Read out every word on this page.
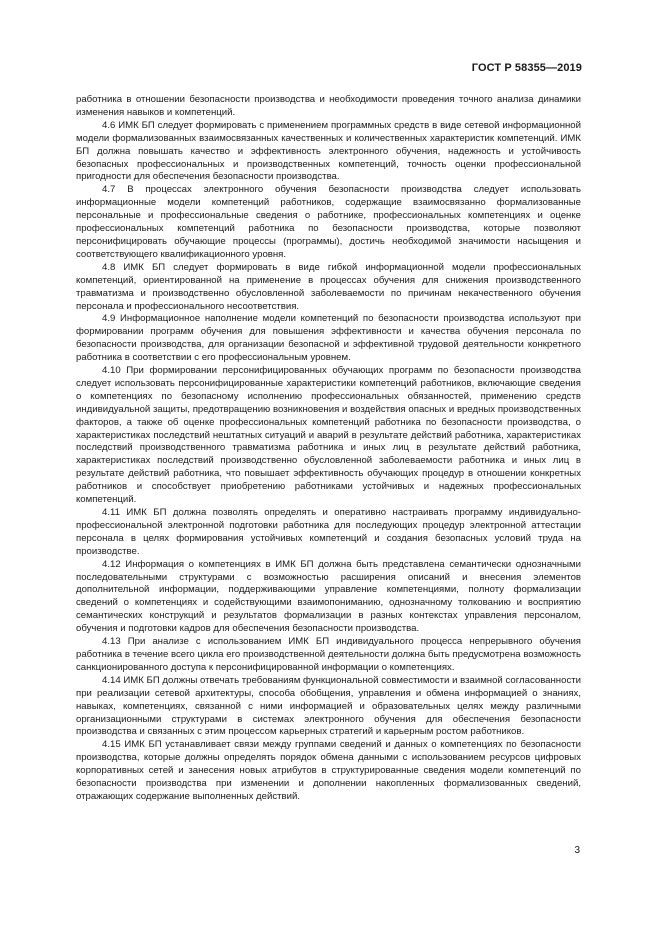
ГОСТ Р 58355—2019

работника в отношении безопасности производства и необходимости проведения точного анализа динамики изменения навыков и компетенций.

4.6 ИМК БП следует формировать с применением программных средств в виде сетевой информационной модели формализованных взаимосвязанных качественных и количественных характеристик компетенций. ИМК БП должна повышать качество и эффективность электронного обучения, надежность и устойчивость безопасных профессиональных и производственных компетенций, точность оценки профессиональной пригодности для обеспечения безопасности производства.

4.7 В процессах электронного обучения безопасности производства следует использовать информационные модели компетенций работников, содержащие взаимосвязанно формализованные персональные и профессиональные сведения о работнике, профессиональных компетенциях и оценке профессиональных компетенций работника по безопасности производства, которые позволяют персонифицировать обучающие процессы (программы), достичь необходимой значимости насыщения и соответствующего квалификационного уровня.

4.8 ИМК БП следует формировать в виде гибкой информационной модели профессиональных компетенций, ориентированной на применение в процессах обучения для снижения производственного травматизма и производственно обусловленной заболеваемости по причинам некачественного обучения персонала и профессионального несоответствия.

4.9 Информационное наполнение модели компетенций по безопасности производства используют при формировании программ обучения для повышения эффективности и качества обучения персонала по безопасности производства, для организации безопасной и эффективной трудовой деятельности конкретного работника в соответствии с его профессиональным уровнем.

4.10 При формировании персонифицированных обучающих программ по безопасности производства следует использовать персонифицированные характеристики компетенций работников, включающие сведения о компетенциях по безопасному исполнению профессиональных обязанностей, применению средств индивидуальной защиты, предотвращению возникновения и воздействия опасных и вредных производственных факторов, а также об оценке профессиональных компетенций работника по безопасности производства, о характеристиках последствий нештатных ситуаций и аварий в результате действий работника, характеристиках последствий производственного травматизма работника и иных лиц в результате действий работника, характеристиках последствий производственно обусловленной заболеваемости работника и иных лиц в результате действий работника, что повышает эффективность обучающих процедур в отношении конкретных работников и способствует приобретению работниками устойчивых и надежных профессиональных компетенций.

4.11 ИМК БП должна позволять определять и оперативно настраивать программу индивидуально-профессиональной электронной подготовки работника для последующих процедур электронной аттестации персонала в целях формирования устойчивых компетенций и создания безопасных условий труда на производстве.

4.12 Информация о компетенциях в ИМК БП должна быть представлена семантически однозначными последовательными структурами с возможностью расширения описаний и внесения элементов дополнительной информации, поддерживающими управление компетенциями, полноту формализации сведений о компетенциях и содействующими взаимопониманию, однозначному толкованию и восприятию семантических конструкций и результатов формализации в разных контекстах управления персоналом, обучения и подготовки кадров для обеспечения безопасности производства.

4.13 При анализе с использованием ИМК БП индивидуального процесса непрерывного обучения работника в течение всего цикла его производственной деятельности должна быть предусмотрена возможность санкционированного доступа к персонифицированной информации о компетенциях.

4.14 ИМК БП должны отвечать требованиям функциональной совместимости и взаимной согласованности при реализации сетевой архитектуры, способа обобщения, управления и обмена информацией о знаниях, навыках, компетенциях, связанной с ними информацией и образовательных целях между различными организационными структурами в системах электронного обучения для обеспечения безопасности производства и связанных с этим процессом карьерных стратегий и карьерным ростом работников.

4.15 ИМК БП устанавливает связи между группами сведений и данных о компетенциях по безопасности производства, которые должны определять порядок обмена данными с использованием ресурсов цифровых корпоративных сетей и занесения новых атрибутов в структурированные сведения модели компетенций по безопасности производства при изменении и дополнении накопленных формализованных сведений, отражающих содержание выполненных действий.

3
